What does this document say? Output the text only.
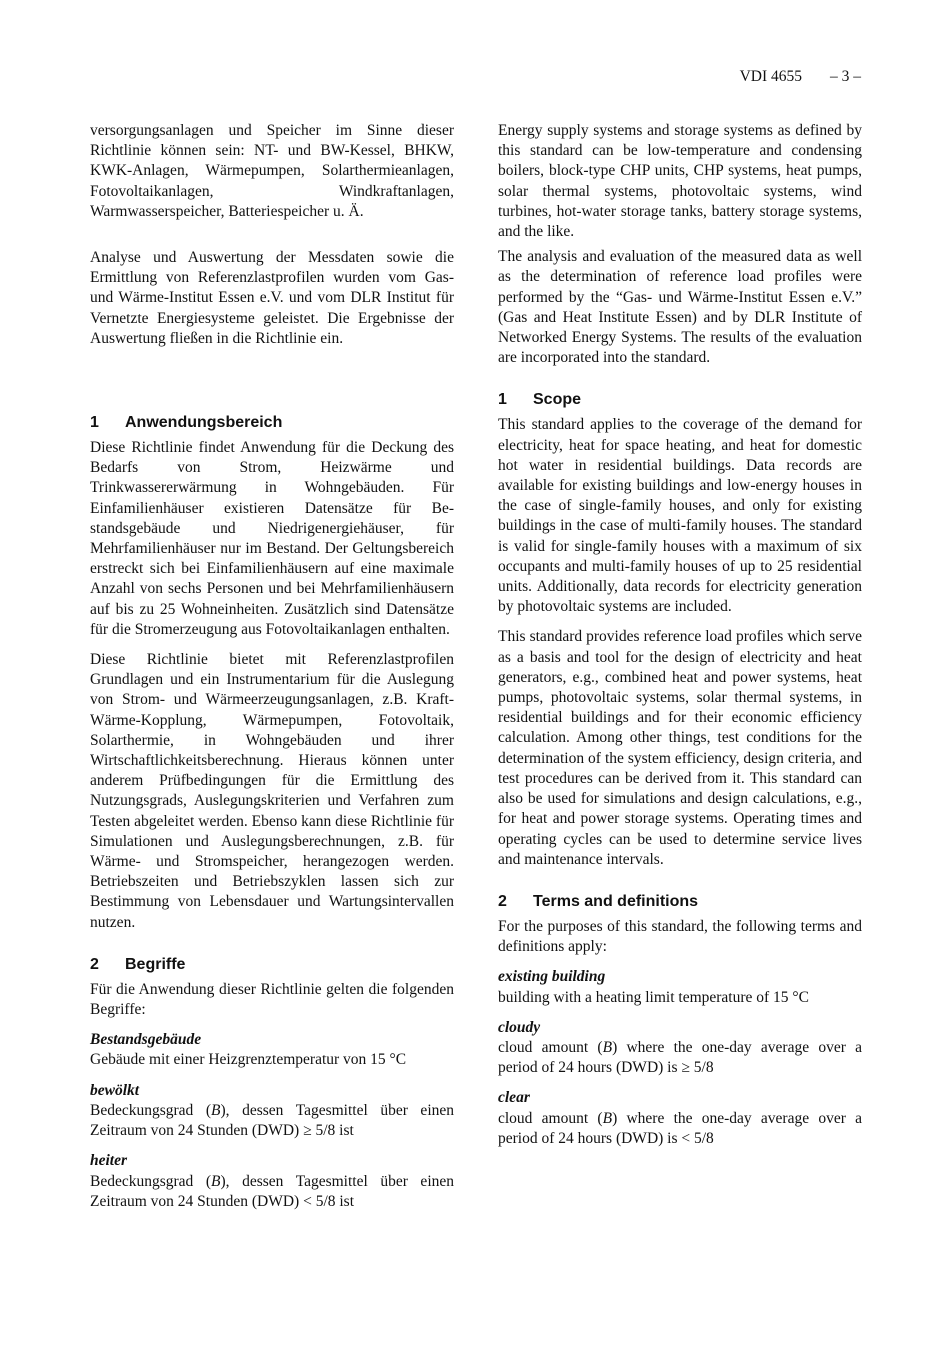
VDI 4655 – 3 –

versorgungsanlagen und Speicher im Sinne dieser Richtlinie können sein: NT- und BW-Kessel, BHKW, KWK-Anlagen, Wärmepumpen, Solarthermieanlagen, Fotovoltaikanlagen, Windkraftanlagen, Warmwasserspeicher, Batteriespeicher u. Ä.

Analyse und Auswertung der Messdaten sowie die Ermittlung von Referenzlastprofilen wurden vom Gas- und Wärme-Institut Essen e.V. und vom DLR Institut für Vernetzte Energiesysteme geleistet. Die Ergebnisse der Auswertung fließen in die Richtlinie ein.

1 Anwendungsbereich

Diese Richtlinie findet Anwendung für die Deckung des Bedarfs von Strom, Heizwärme und Trinkwassererwärmung in Wohngebäuden. Für Einfamilienhäuser existieren Datensätze für Bestandsgebäude und Niedrigenergiehäuser, für Mehrfamilienhäuser nur im Bestand. Der Geltungsbereich erstreckt sich bei Einfamilienhäusern auf eine maximale Anzahl von sechs Personen und bei Mehrfamilienhäusern auf bis zu 25 Wohneinheiten. Zusätzlich sind Datensätze für die Stromerzeugung aus Fotovoltaikanlagen enthalten.

Diese Richtlinie bietet mit Referenzlastprofilen Grundlagen und ein Instrumentarium für die Auslegung von Strom- und Wärmeerzeugungsanlagen, z.B. Kraft-Wärme-Kopplung, Wärmepumpen, Fotovoltaik, Solarthermie, in Wohngebäuden und ihrer Wirtschaftlichkeitsberechnung. Hieraus können unter anderem Prüfbedingungen für die Ermittlung des Nutzungsgrads, Auslegungskriterien und Verfahren zum Testen abgeleitet werden. Ebenso kann diese Richtlinie für Simulationen und Auslegungsberechnungen, z.B. für Wärme- und Stromspeicher, herangezogen werden. Betriebszeiten und Betriebszyklen lassen sich zur Bestimmung von Lebensdauer und Wartungsintervallen nutzen.

2 Begriffe

Für die Anwendung dieser Richtlinie gelten die folgenden Begriffe:

Bestandsgebäude

Gebäude mit einer Heizgrenztemperatur von 15 °C

bewölkt

Bedeckungsgrad (B), dessen Tagesmittel über einen Zeitraum von 24 Stunden (DWD) ≥ 5/8 ist

heiter

Bedeckungsgrad (B), dessen Tagesmittel über einen Zeitraum von 24 Stunden (DWD) < 5/8 ist

Energy supply systems and storage systems as defined by this standard can be low-temperature and condensing boilers, block-type CHP units, CHP systems, heat pumps, solar thermal systems, photovoltaic systems, wind turbines, hot-water storage tanks, battery storage systems, and the like.

The analysis and evaluation of the measured data as well as the determination of reference load profiles were performed by the “Gas- und Wärme-Institut Essen e.V.” (Gas and Heat Institute Essen) and by DLR Institute of Networked Energy Systems. The results of the evaluation are incorporated into the standard.

1 Scope

This standard applies to the coverage of the demand for electricity, heat for space heating, and heat for domestic hot water in residential buildings. Data records are available for existing buildings and low-energy houses in the case of single-family houses, and only for existing buildings in the case of multi-family houses. The standard is valid for single-family houses with a maximum of six occupants and multi-family houses of up to 25 residential units. Additionally, data records for electricity generation by photovoltaic systems are included.

This standard provides reference load profiles which serve as a basis and tool for the design of electricity and heat generators, e.g., combined heat and power systems, heat pumps, photovoltaic systems, solar thermal systems, in residential buildings and for their economic efficiency calculation. Among other things, test conditions for the determination of the system efficiency, design criteria, and test procedures can be derived from it. This standard can also be used for simulations and design calculations, e.g., for heat and power storage systems. Operating times and operating cycles can be used to determine service lives and maintenance intervals.

2 Terms and definitions

For the purposes of this standard, the following terms and definitions apply:

existing building

building with a heating limit temperature of 15 °C

cloudy

cloud amount (B) where the one-day average over a period of 24 hours (DWD) is ≥ 5/8

clear

cloud amount (B) where the one-day average over a period of 24 hours (DWD) is < 5/8
